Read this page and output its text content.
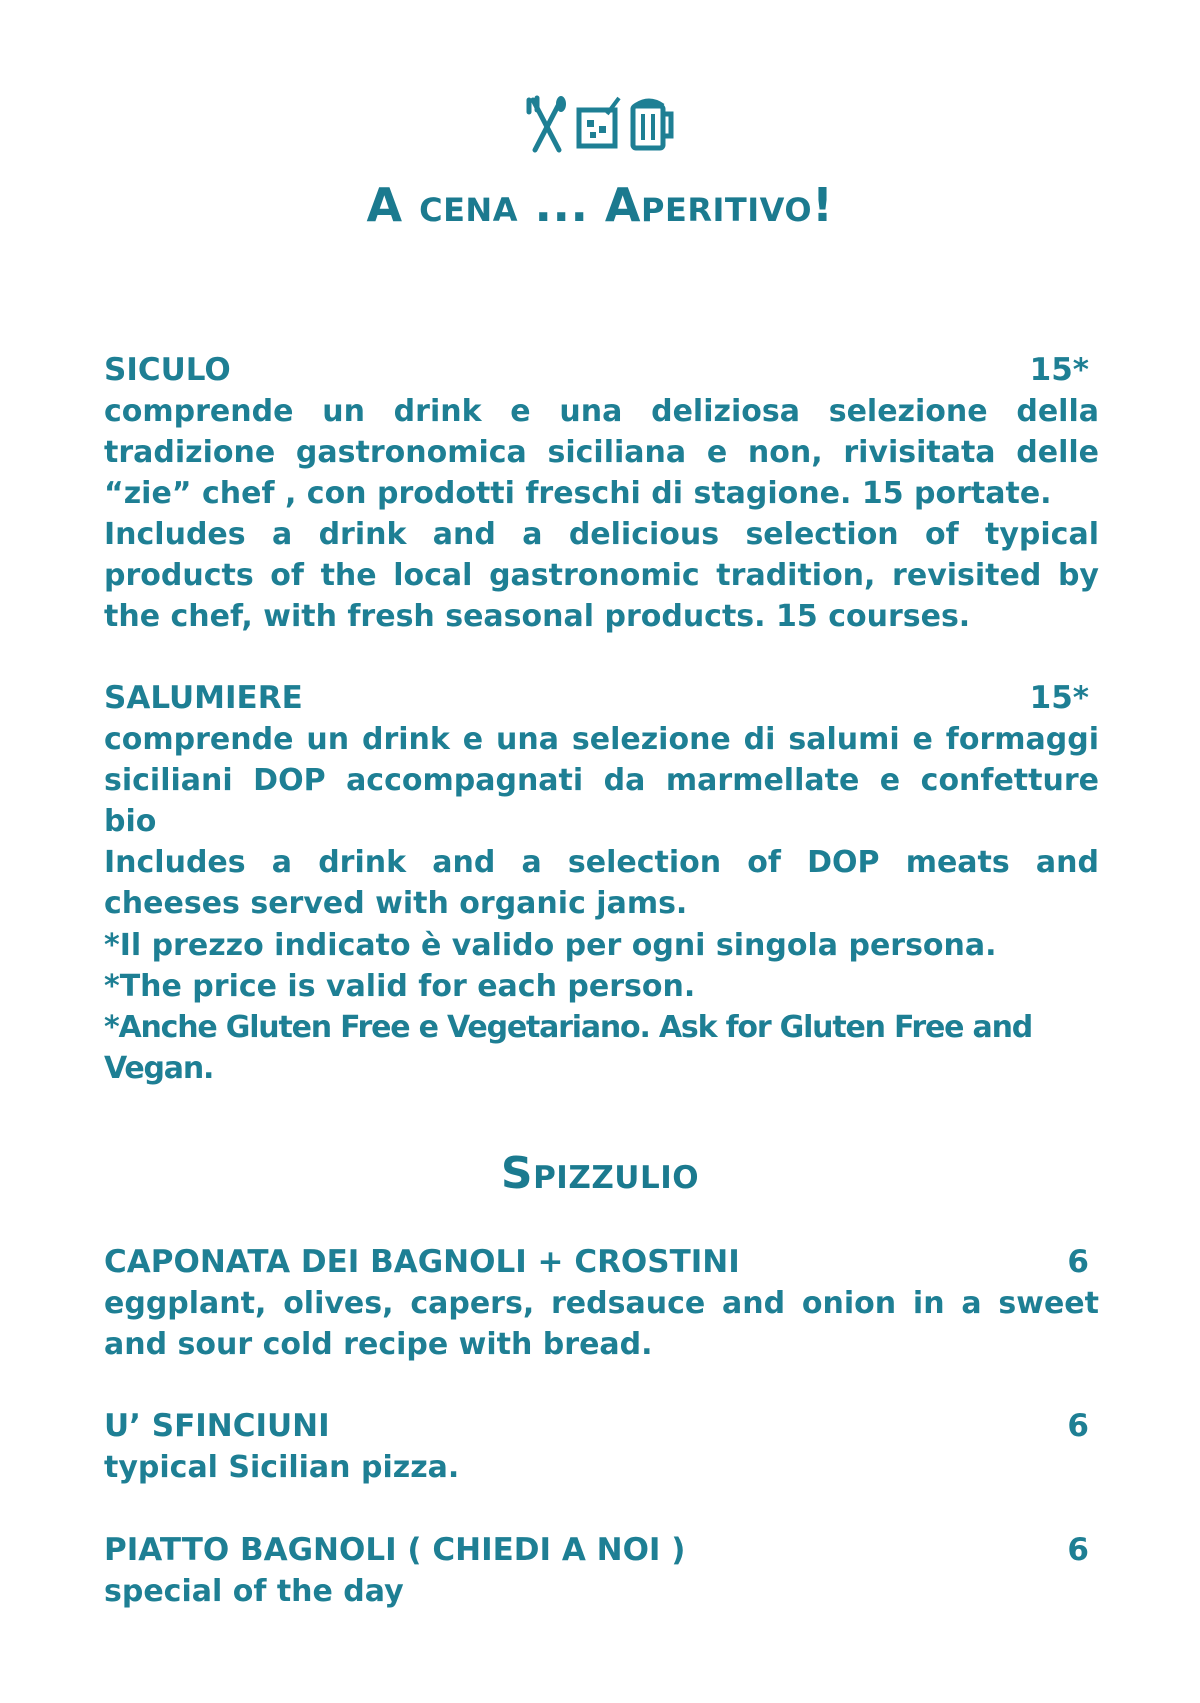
A cena ... Aperitivo!
SICULO	15*

comprende un drink e una deliziosa selezione della tradizione gastronomica siciliana e non, rivisitata delle “zie” chef , con prodotti freschi di stagione. 15 portate.

Includes a drink and a delicious selection of typical products of the local gastronomic tradition, revisited by the chef, with fresh seasonal products. 15 courses.

SALUMIERE	15*

comprende un drink e una selezione di salumi e formaggi siciliani DOP accompagnati da marmellate e confetture bio

Includes a drink and a selection of DOP meats and cheeses served with organic jams.

*Il prezzo indicato è valido per ogni singola persona.

*The price is valid for each person.

*Anche Gluten Free e Vegetariano. Ask for Gluten Free and Vegan.

Spizzulio
CAPONATA DEI BAGNOLI + CROSTINI	6

eggplant, olives, capers, redsauce and onion in a sweet and sour cold recipe with bread.

U’ SFINCIUNI	6

typical Sicilian pizza.

PIATTO BAGNOLI ( CHIEDI A NOI )	6

special of the day
